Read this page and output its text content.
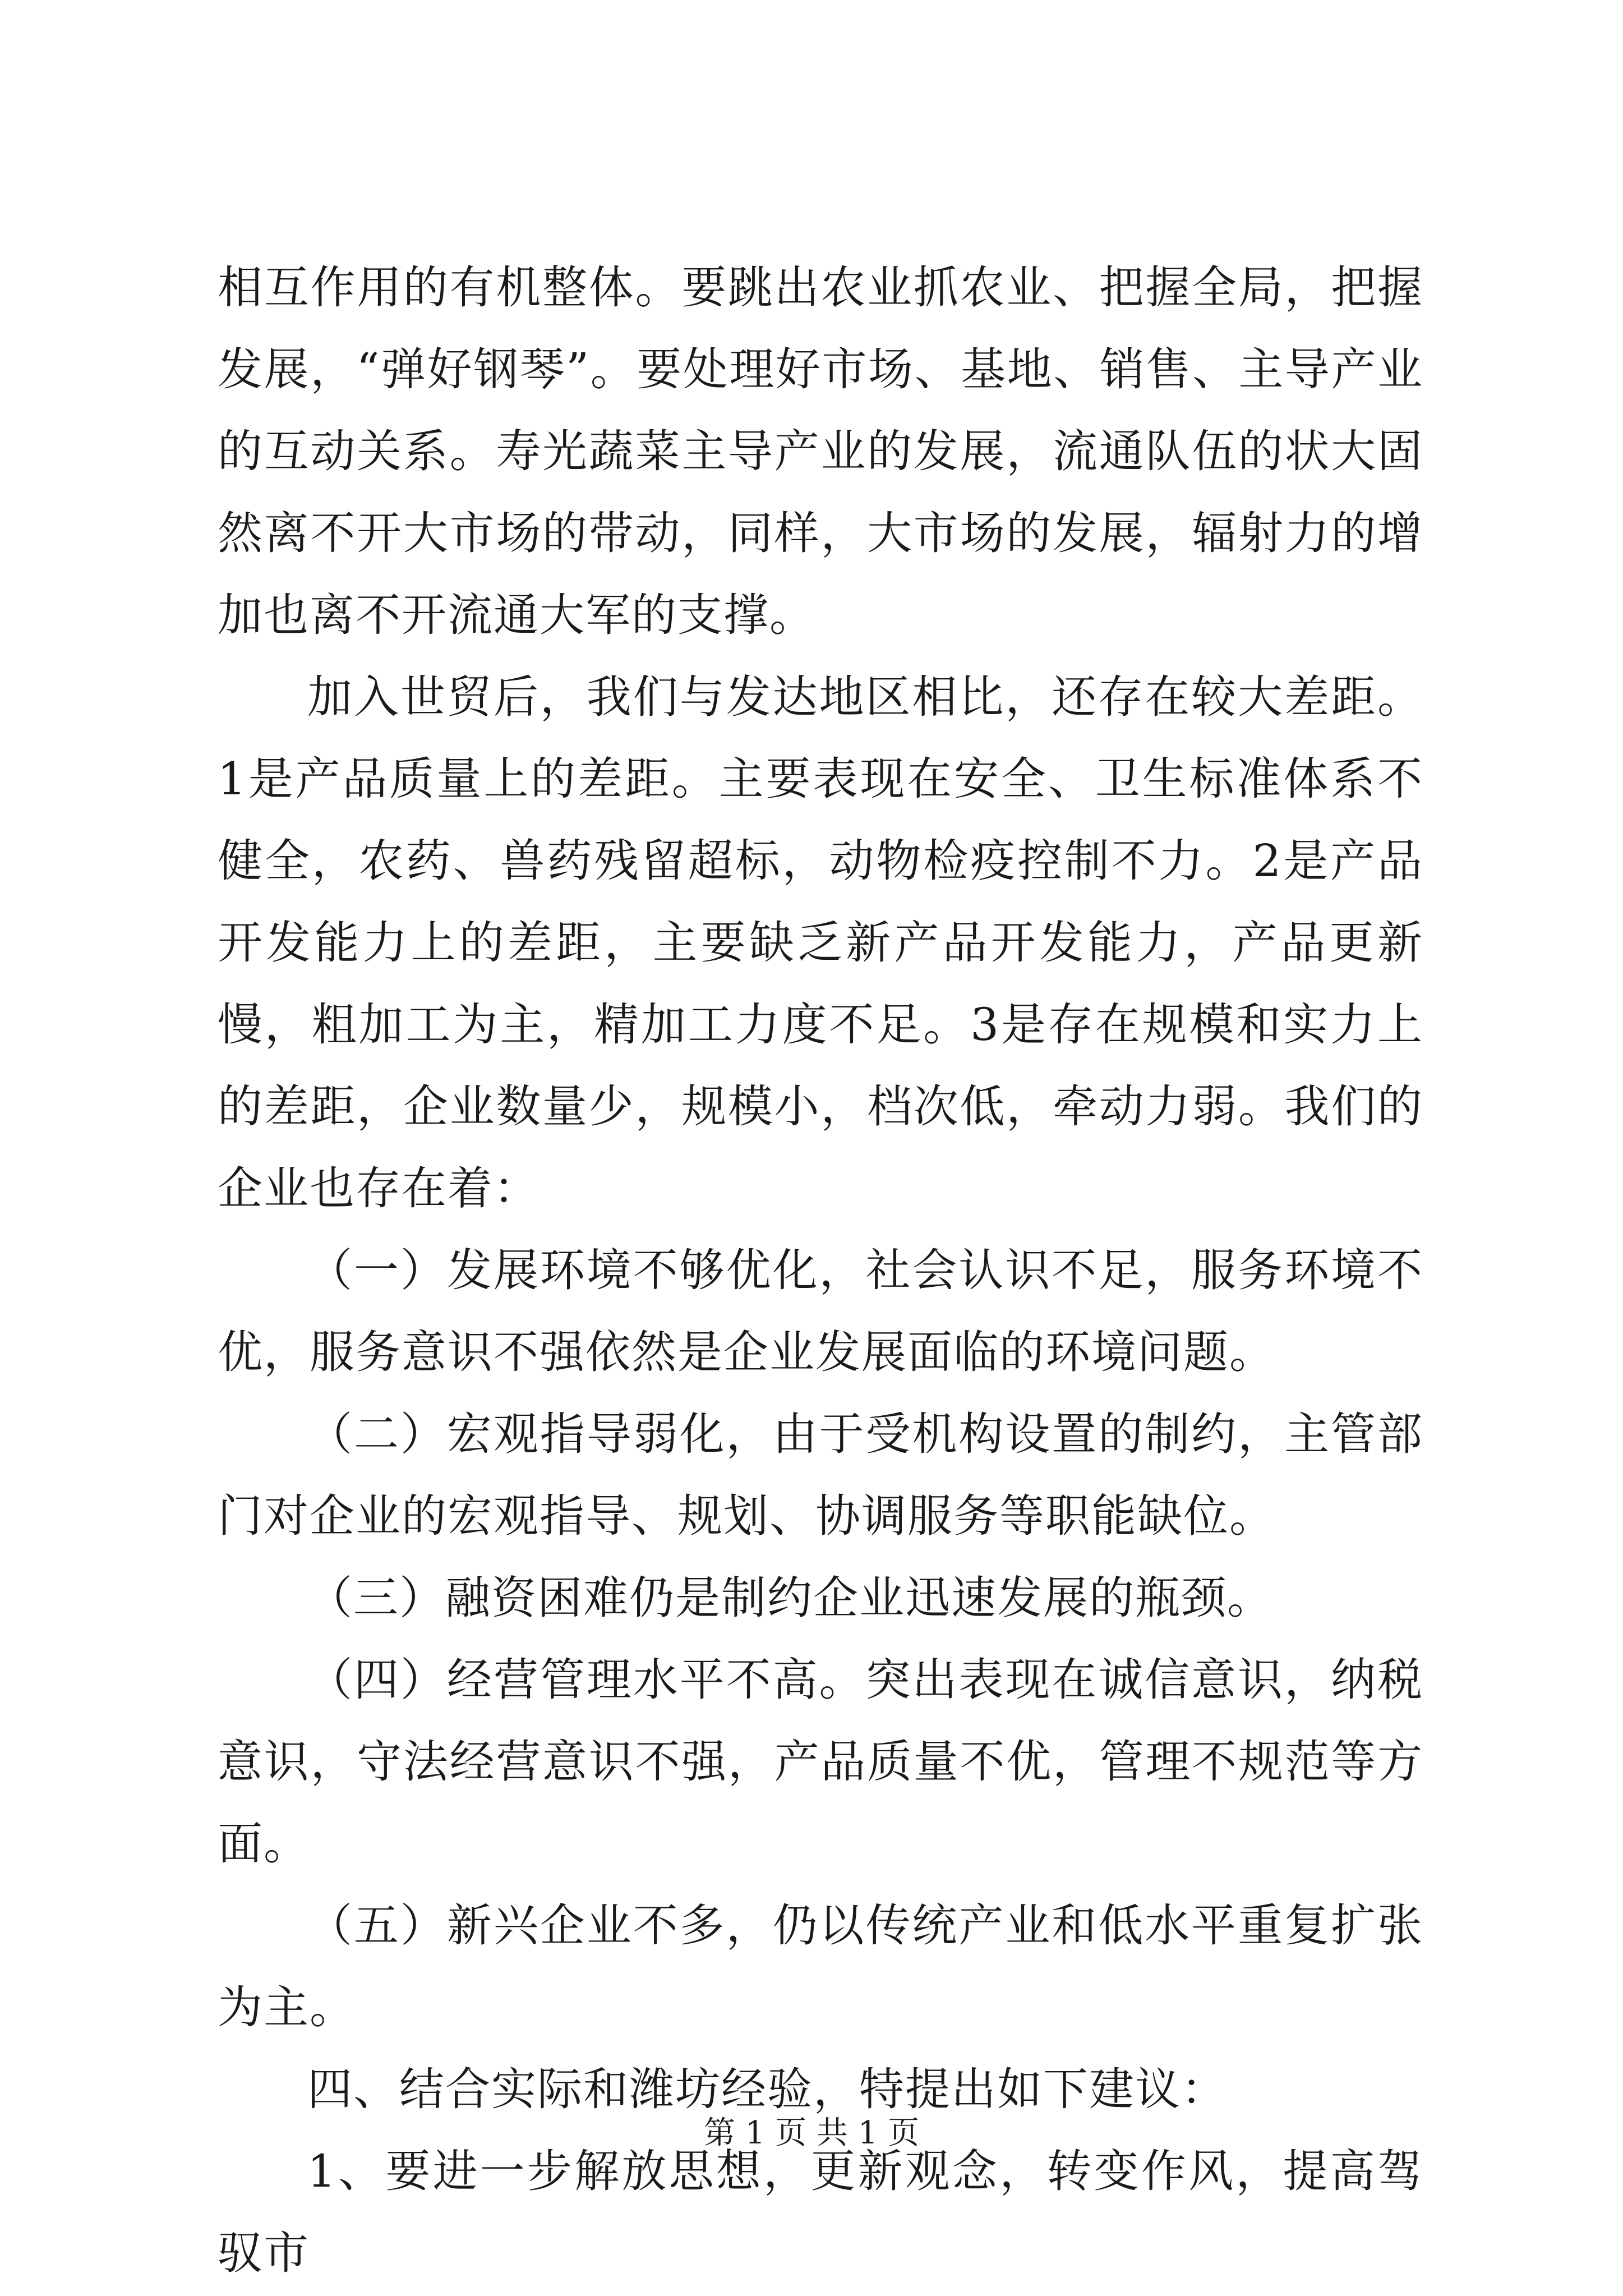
相互作用的有机整体。要跳出农业抓农业、把握全局，把握发展，“弹好钢琴”。要处理好市场、基地、销售、主导产业的互动关系。寿光蔬菜主导产业的发展，流通队伍的状大固然离不开大市场的带动，同样，大市场的发展，辐射力的增加也离不开流通大军的支撑。

加入世贸后，我们与发达地区相比，还存在较大差距。1是产品质量上的差距。主要表现在安全、卫生标准体系不健全，农药、兽药残留超标，动物检疫控制不力。2是产品开发能力上的差距，主要缺乏新产品开发能力，产品更新慢，粗加工为主，精加工力度不足。3是存在规模和实力上的差距，企业数量少，规模小，档次低，牵动力弱。我们的企业也存在着：

（一）发展环境不够优化，社会认识不足，服务环境不优，服务意识不强依然是企业发展面临的环境问题。

（二）宏观指导弱化，由于受机构设置的制约，主管部门对企业的宏观指导、规划、协调服务等职能缺位。

（三）融资困难仍是制约企业迅速发展的瓶颈。

（四）经营管理水平不高。突出表现在诚信意识，纳税意识，守法经营意识不强，产品质量不优，管理不规范等方面。

（五）新兴企业不多，仍以传统产业和低水平重复扩张为主。

四、结合实际和潍坊经验，特提出如下建议：

1、要进一步解放思想，更新观念，转变作风，提高驾驭市

第 1 页 共 1 页
